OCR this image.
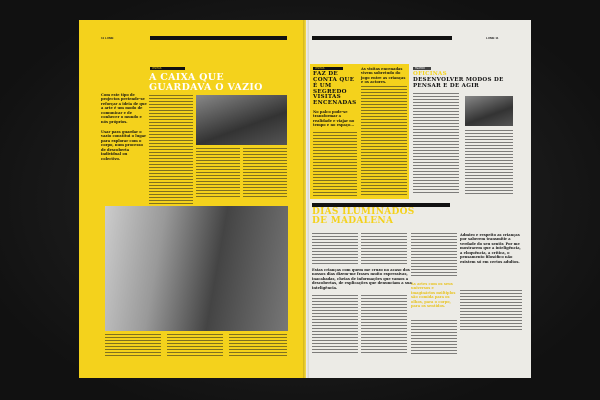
11 LUME
TEATRO
VISITAS
A CAIXA QUE GUARDAVA O VAZIO
Com este tipo de projectos pretende-se reforçar a ideia de que a arte é um modo de comunicar e de conhecer o mundo e nós próprios.
Usar para guardar o vazio constitui o lugar para explorar com o corpo, num processo de descoberta individual ou colectivo.
LUME 11
VISITAS
FAZ DE CONTA QUE É UM SEGREDO VISITAS ENCENADAS
No palco pode-se transformar a realidade e viajar no tempo e no espaço...
As visitas encenadas vivem sobretudo do jogo entre as crianças e os actores.
TEATRO
OFICINAS
DESENVOLVER MODOS DE PENSAR E DE AGIR
DIAS ILUMINADOS DE MADALENA
Estas crianças com quem me cruzo no acaso dos nossos dias dizem-me frases muito expressivas, inacabadas, cheias de informações que vamos a descobertas, de explicações que denunciam a sua inteligência.
As artes com os seus universos e imaginários múltiplos são comida para os olhos, para o corpo, para os sentidos.
Admiro e respeito as crianças por saberem transmitir a verdade do seu sentir. Por me mostrarem que a inteligência, a eloquência, a crítica, o pensamento filosófico não existem só em certos adultos.
